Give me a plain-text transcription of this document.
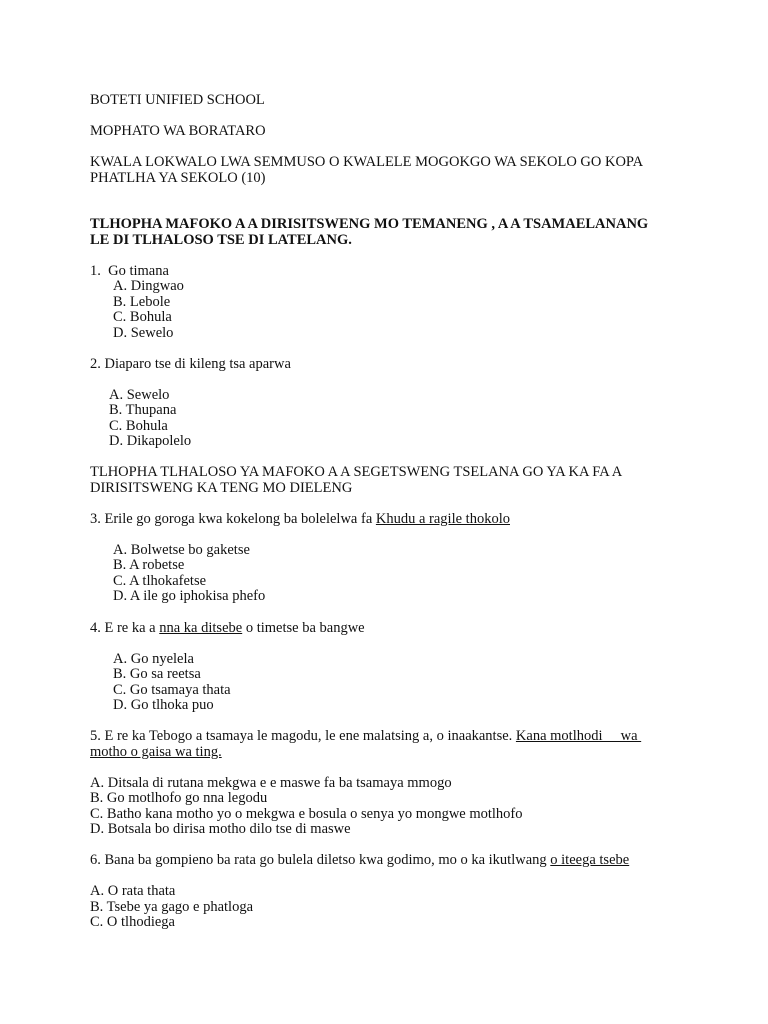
BOTETI UNIFIED SCHOOL
MOPHATO WA BORATARO
KWALA LOKWALO LWA SEMMUSO O KWALELE MOGOKGO WA SEKOLO GO KOPA
PHATLHA YA SEKOLO (10)
TLHOPHA MAFOKO A A DIRISITSWENG MO TEMANENG , A A TSAMAELANANG
LE DI TLHALOSO TSE DI LATELANG.
1.  Go timana
A. Dingwao
B. Lebole
C. Bohula
D. Sewelo
2. Diaparo tse di kileng tsa aparwa
A. Sewelo
B. Thupana
C. Bohula
D. Dikapolelo
TLHOPHA TLHALOSO YA MAFOKO A A SEGETSWENG TSELANA GO YA KA FA A
DIRISITSWENG KA TENG MO DIELENG
3. Erile go goroga kwa kokelong ba bolelelwa fa Khudu a ragile thokolo
A. Bolwetse bo gaketse
B. A robetse
C. A tlhokafetse
D. A ile go iphokisa phefo
4. E re ka a nna ka ditsebe o timetse ba bangwe
A. Go nyelela
B. Go sa reetsa
C. Go tsamaya thata
D. Go tlhoka puo
5. E re ka Tebogo a tsamaya le magodu, le ene malatsing a, o inaakantse. Kana motlhodi     wa
motho o gaisa wa ting.
A. Ditsala di rutana mekgwa e e maswe fa ba tsamaya mmogo
B. Go motlhofo go nna legodu
C. Batho kana motho yo o mekgwa e bosula o senya yo mongwe motlhofo
D. Botsala bo dirisa motho dilo tse di maswe
6. Bana ba gompieno ba rata go bulela diletso kwa godimo, mo o ka ikutlwang o iteega tsebe
A. O rata thata
B. Tsebe ya gago e phatloga
C. O tlhodiega
